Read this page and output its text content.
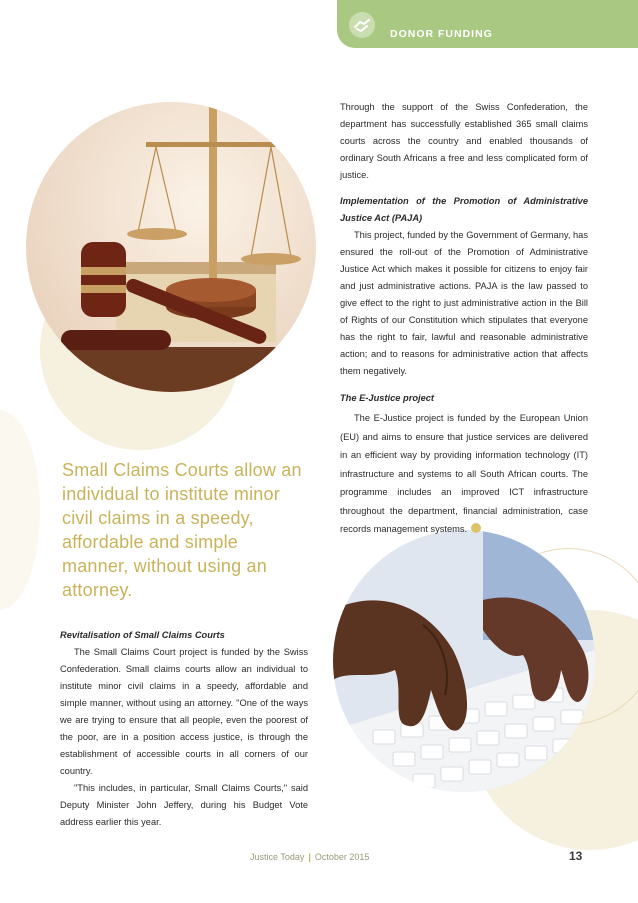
DONOR FUNDING

Through the support of the Swiss Confederation, the department has successfully established 365 small claims courts across the country and enabled thousands of ordinary South Africans a free and less complicated form of justice.

Implementation of the Promotion of Administrative Justice Act (PAJA)

This project, funded by the Government of Germany, has ensured the roll-out of the Promotion of Administrative Justice Act which makes it possible for citizens to enjoy fair and just administrative actions. PAJA is the law passed to give effect to the right to just administrative action in the Bill of Rights of our Constitution which stipulates that everyone has the right to fair, lawful and reasonable administrative action; and to reasons for administrative action that affects them negatively.

The E-Justice project

The E-Justice project is funded by the European Union (EU) and aims to ensure that justice services are delivered in an efficient way by providing information technology (IT) infrastructure and systems to all South African courts. The programme includes an improved ICT infrastructure throughout the department, financial administration, case records management systems.

Small Claims Courts allow an individual to institute minor civil claims in a speedy, affordable and simple manner, without using an attorney.

Revitalisation of Small Claims Courts

The Small Claims Court project is funded by the Swiss Confederation. Small claims courts allow an individual to institute minor civil claims in a speedy, affordable and simple manner, without using an attorney. "One of the ways we are trying to ensure that all people, even the poorest of the poor, are in a position access justice, is through the establishment of accessible courts in all corners of our country.

"This includes, in particular, Small Claims Courts," said Deputy Minister John Jeffery, during his Budget Vote address earlier this year.

Justice Today | October 2015	13
